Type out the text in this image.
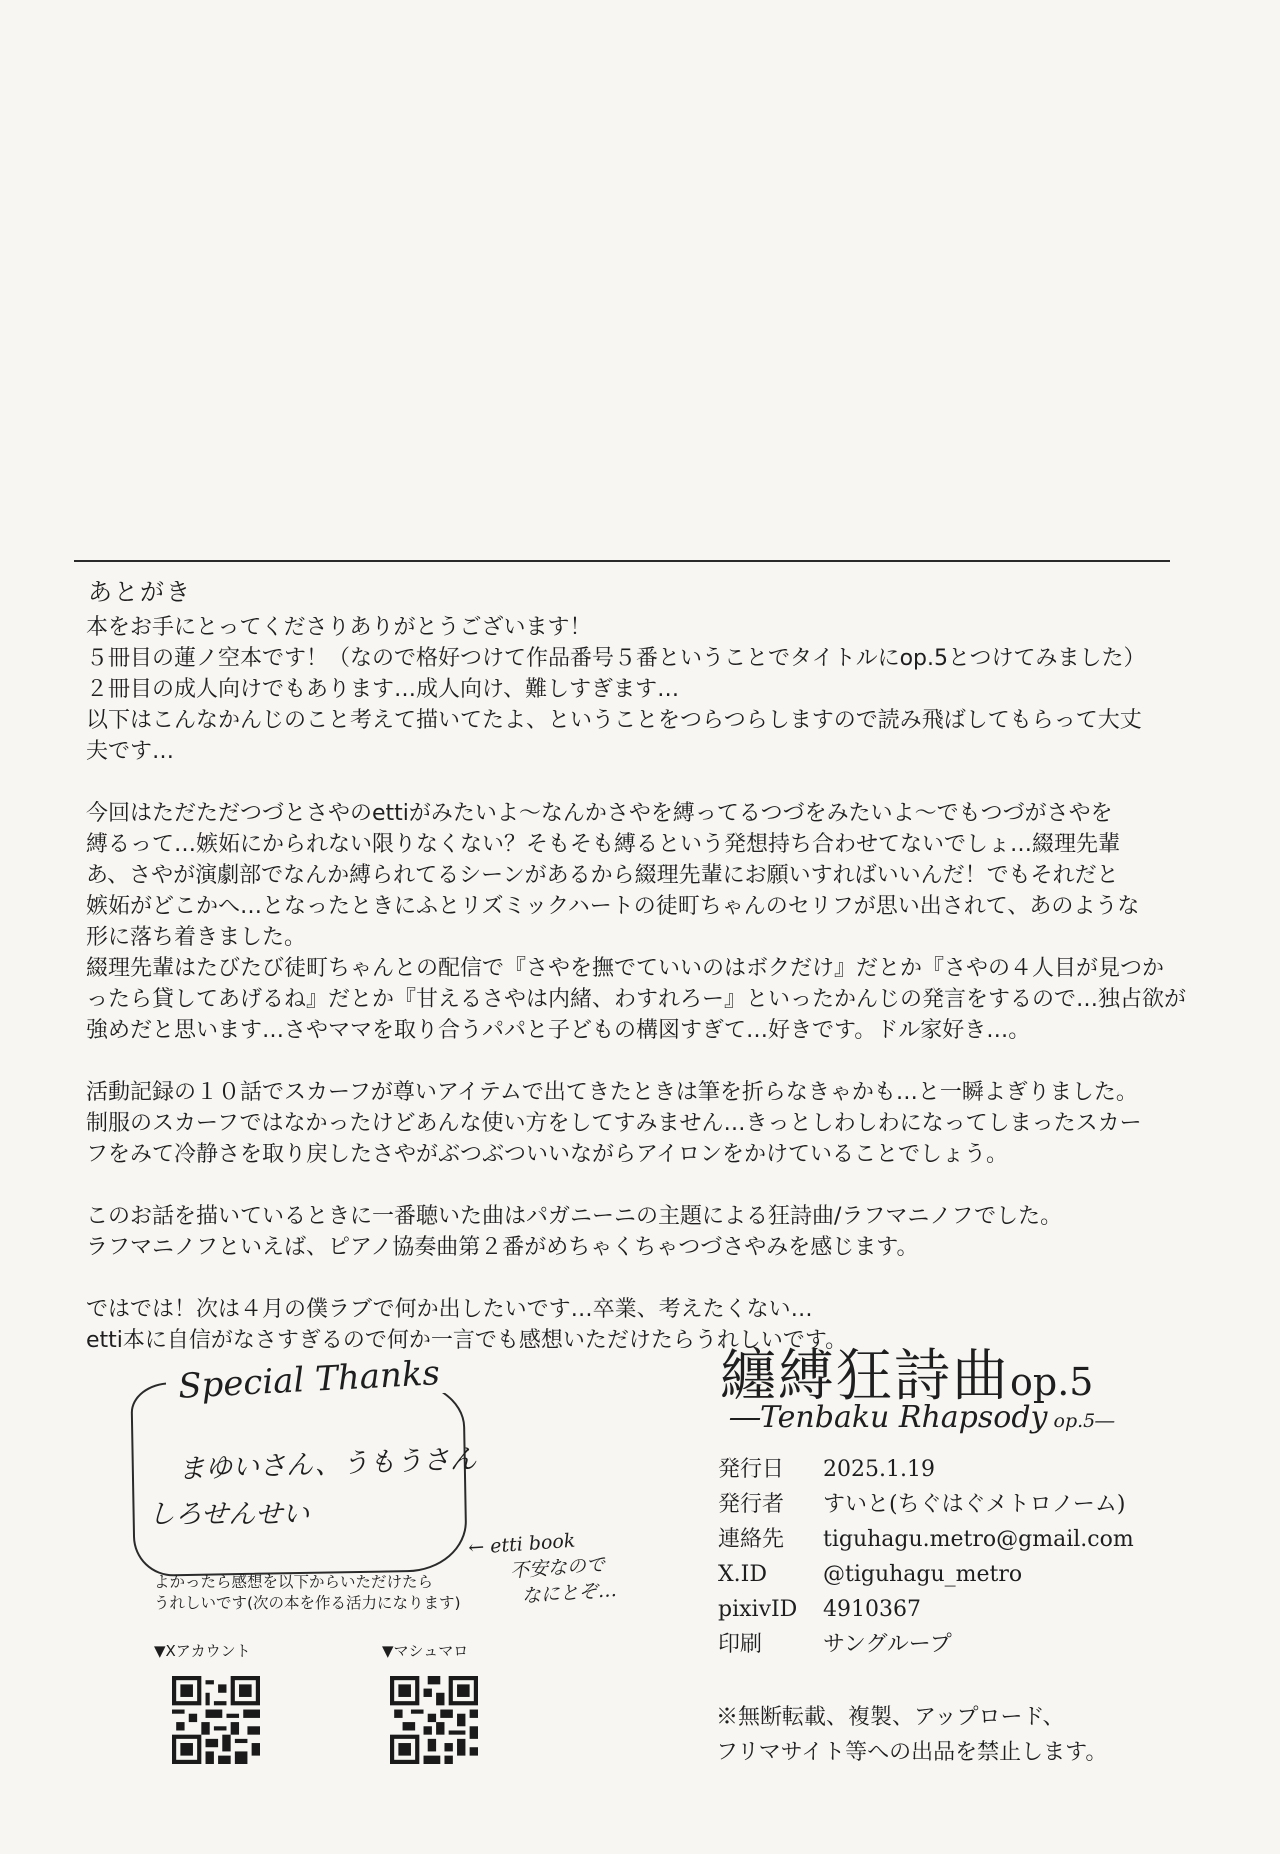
あとがき

本をお手にとってくださりありがとうございます！
５冊目の蓮ノ空本です！（なので格好つけて作品番号５番ということでタイトルにop.5とつけてみました）
２冊目の成人向けでもあります…成人向け、難しすぎます…
以下はこんなかんじのこと考えて描いてたよ、ということをつらつらしますので読み飛ばしてもらって大丈
夫です…

今回はただただつづとさやのettiがみたいよ〜なんかさやを縛ってるつづをみたいよ〜でもつづがさやを
縛るって…嫉妬にかられない限りなくない？そもそも縛るという発想持ち合わせてないでしょ…綴理先輩
あ、さやが演劇部でなんか縛られてるシーンがあるから綴理先輩にお願いすればいいんだ！でもそれだと
嫉妬がどこかへ…となったときにふとリズミックハートの徒町ちゃんのセリフが思い出されて、あのような
形に落ち着きました。
綴理先輩はたびたび徒町ちゃんとの配信で『さやを撫でていいのはボクだけ』だとか『さやの４人目が見つか
ったら貸してあげるね』だとか『甘えるさやは内緒、わすれろー』といったかんじの発言をするので…独占欲が
強めだと思います…さやママを取り合うパパと子どもの構図すぎて…好きです。ドル家好き…。

活動記録の１０話でスカーフが尊いアイテムで出てきたときは筆を折らなきゃかも…と一瞬よぎりました。
制服のスカーフではなかったけどあんな使い方をしてすみません…きっとしわしわになってしまったスカー
フをみて冷静さを取り戻したさやがぶつぶついいながらアイロンをかけていることでしょう。

このお話を描いているときに一番聴いた曲はパガニーニの主題による狂詩曲/ラフマニノフでした。
ラフマニノフといえば、ピアノ協奏曲第２番がめちゃくちゃつづさやみを感じます。

ではでは！次は４月の僕ラブで何か出したいです…卒業、考えたくない…
etti本に自信がなさすぎるので何か一言でも感想いただけたらうれしいです。

Special Thanks
まゆいさん、うもうさん
しろせんせい
← etti book
不安なので
なにとぞ…
よかったら感想を以下からいただけたら
うれしいです(次の本を作る活力になります)
▼Xアカウント	▼マシュマロ
纏縛狂詩曲op.5
―Tenbaku Rhapsody op.5―
発行日	2025.1.19
発行者	すいと(ちぐはぐメトロノーム)
連絡先	tiguhagu.metro@gmail.com
X.ID	@tiguhagu_metro
pixivID	4910367
印刷	サングループ
※無断転載、複製、アップロード、
フリマサイト等への出品を禁止します。
